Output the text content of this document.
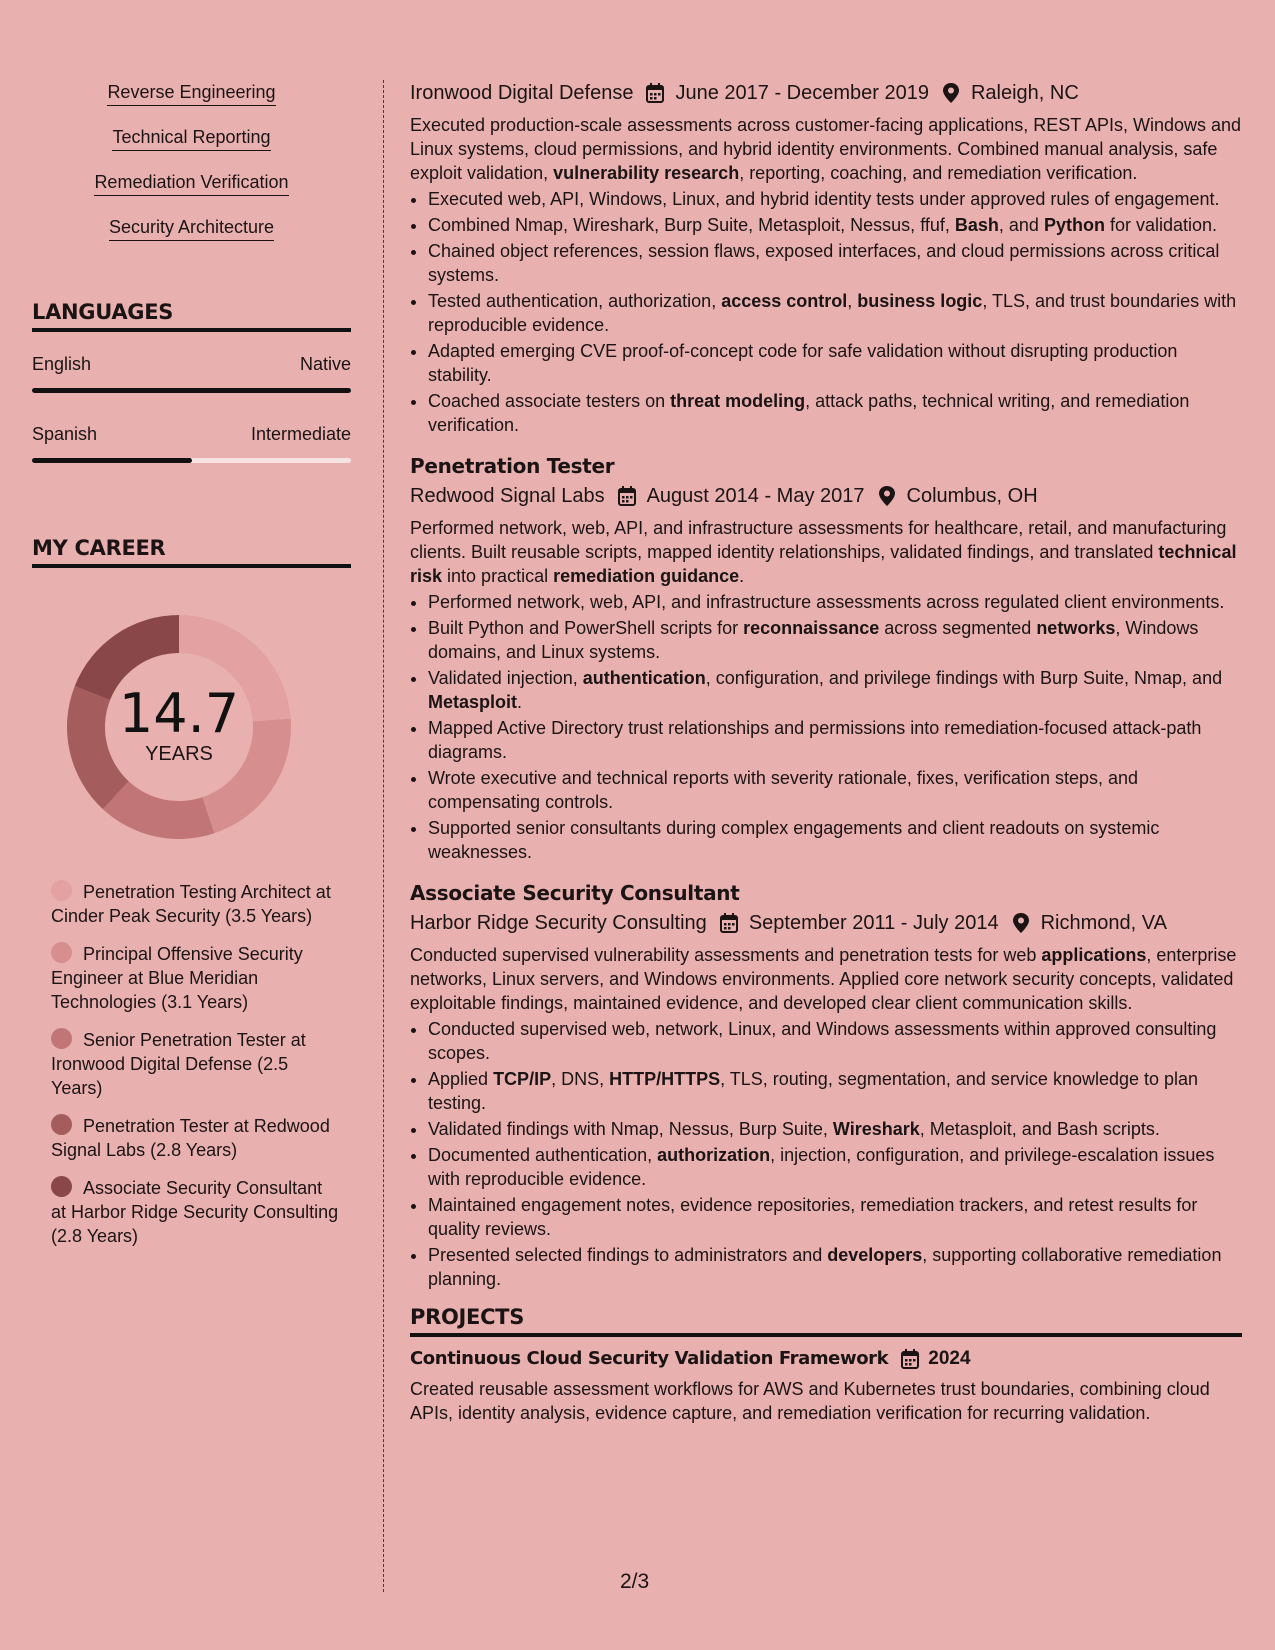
Reverse Engineering
Technical Reporting
Remediation Verification
Security Architecture
LANGUAGES
English	Native
Spanish	Intermediate
MY CAREER
14.7
YEARS
Penetration Testing Architect at Cinder Peak Security (3.5 Years)
Principal Offensive Security Engineer at Blue Meridian Technologies (3.1 Years)
Senior Penetration Tester at Ironwood Digital Defense (2.5 Years)
Penetration Tester at Redwood Signal Labs (2.8 Years)
Associate Security Consultant at Harbor Ridge Security Consulting (2.8 Years)
Ironwood Digital Defense June 2017 - December 2019 Raleigh, NC
Executed production-scale assessments across customer-facing applications, REST APIs, Windows and Linux systems, cloud permissions, and hybrid identity environments. Combined manual analysis, safe exploit validation, vulnerability research, reporting, coaching, and remediation verification.
• Executed web, API, Windows, Linux, and hybrid identity tests under approved rules of engagement.
• Combined Nmap, Wireshark, Burp Suite, Metasploit, Nessus, ffuf, Bash, and Python for validation.
• Chained object references, session flaws, exposed interfaces, and cloud permissions across critical systems.
• Tested authentication, authorization, access control, business logic, TLS, and trust boundaries with reproducible evidence.
• Adapted emerging CVE proof-of-concept code for safe validation without disrupting production stability.
• Coached associate testers on threat modeling, attack paths, technical writing, and remediation verification.
Penetration Tester
Redwood Signal Labs August 2014 - May 2017 Columbus, OH
Performed network, web, API, and infrastructure assessments for healthcare, retail, and manufacturing clients. Built reusable scripts, mapped identity relationships, validated findings, and translated technical risk into practical remediation guidance.
• Performed network, web, API, and infrastructure assessments across regulated client environments.
• Built Python and PowerShell scripts for reconnaissance across segmented networks, Windows domains, and Linux systems.
• Validated injection, authentication, configuration, and privilege findings with Burp Suite, Nmap, and Metasploit.
• Mapped Active Directory trust relationships and permissions into remediation-focused attack-path diagrams.
• Wrote executive and technical reports with severity rationale, fixes, verification steps, and compensating controls.
• Supported senior consultants during complex engagements and client readouts on systemic weaknesses.
Associate Security Consultant
Harbor Ridge Security Consulting September 2011 - July 2014 Richmond, VA
Conducted supervised vulnerability assessments and penetration tests for web applications, enterprise networks, Linux servers, and Windows environments. Applied core network security concepts, validated exploitable findings, maintained evidence, and developed clear client communication skills.
• Conducted supervised web, network, Linux, and Windows assessments within approved consulting scopes.
• Applied TCP/IP, DNS, HTTP/HTTPS, TLS, routing, segmentation, and service knowledge to plan testing.
• Validated findings with Nmap, Nessus, Burp Suite, Wireshark, Metasploit, and Bash scripts.
• Documented authentication, authorization, injection, configuration, and privilege-escalation issues with reproducible evidence.
• Maintained engagement notes, evidence repositories, remediation trackers, and retest results for quality reviews.
• Presented selected findings to administrators and developers, supporting collaborative remediation planning.
PROJECTS
Continuous Cloud Security Validation Framework 2024
Created reusable assessment workflows for AWS and Kubernetes trust boundaries, combining cloud APIs, identity analysis, evidence capture, and remediation verification for recurring validation.
2/3
